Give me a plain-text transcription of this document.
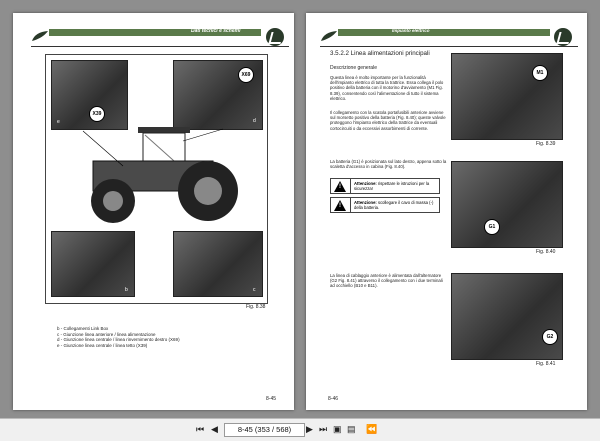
Dati tecnici e schemi
X39
e
X69
d
b	c
Fig. 8.38
b - Collegamenti Link Box
c - Giunzione linea anteriore / linea alimentazione
d - Giunzione linea centrale / linea rinvernimento destro (X69)
e - Giunzione linea centrale / linea tetto (X39)
8-45
Impianto elettrico
3.5.2.2 Linea alimentazioni principali
Descrizione generale
Questa linea è molto importante per la funzionalità dell'impianto elettrico di tutta la trattrice. Essa collega il polo positivo della batteria con il motorino d'avviamento (M1 Fig. 8.39), consentendo così l'alimentazione di tutto il sistema elettrico.
Il collegamento con la scatola portafusibili anteriore avviene sul morsetto positivo della batteria (Fig. 8.40); queste valvole proteggono l'impianto elettrico della trattrice da eventuali cortocircuiti o da eccessivi assorbimenti di corrente.
M1
Fig. 8.39
La batteria (G1) è posizionata sul lato destro, appena sotto la scaletta d'accesso in cabina (Fig. 8.40).
!	Attenzione: rispettare le istruzioni per la sicurezza!
!	Attenzione: scollegare il cavo di massa (-) della batteria.
G1
Fig. 8.40
La linea di cablaggio anteriore è alimentata dall'alternatore (G2 Fig. 8.41) attraverso il collegamento con i due terminali ad occhiello (B10 e B11).
G2
Fig. 8.41
8-46
⏮ ◀	8-45 (353 / 568)	▶ ⏭ ▣ ▤ ⏪
